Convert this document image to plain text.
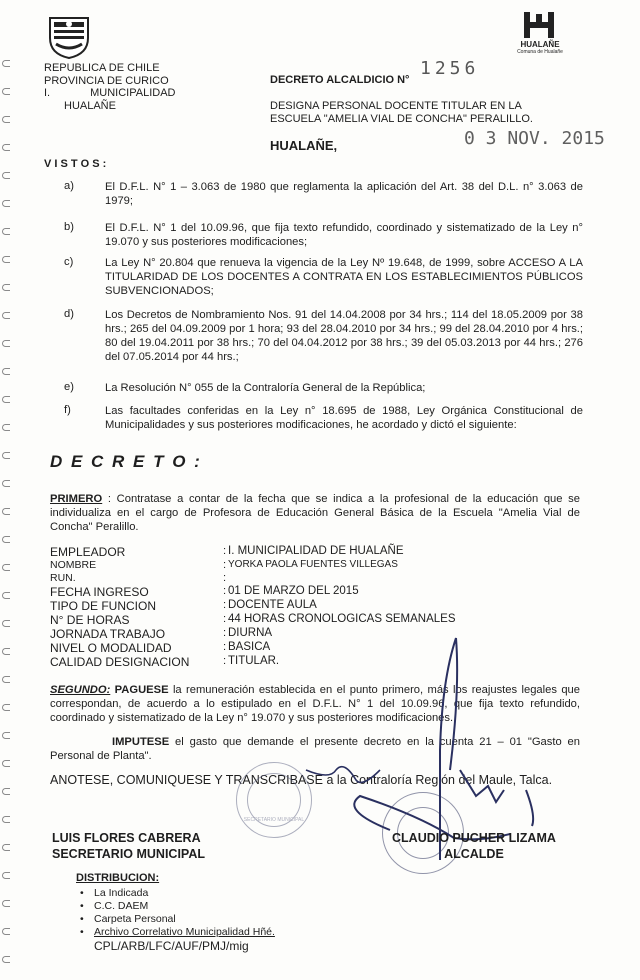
HUALAÑE
Comuna de Hualañe
REPUBLICA DE CHILE
PROVINCIA DE CURICO
I.	MUNICIPALIDAD
HUALAÑE
DECRETO ALCALDICIO N°
1256
DESIGNA PERSONAL DOCENTE TITULAR EN LA
ESCUELA "AMELIA VIAL DE CONCHA" PERALILLO.
HUALAÑE,	0 3 NOV. 2015
V I S T O S :
a)	El D.F.L. N° 1 – 3.063 de 1980 que reglamenta la aplicación del Art. 38 del D.L. n° 3.063 de 1979;
b)	El D.F.L. N° 1 del 10.09.96, que fija texto refundido, coordinado y sistematizado de la Ley n° 19.070 y sus posteriores modificaciones;
c)	La Ley N° 20.804 que renueva la vigencia de la Ley Nº 19.648, de 1999, sobre ACCESO A LA TITULARIDAD DE LOS DOCENTES A CONTRATA EN LOS ESTABLECIMIENTOS PÚBLICOS SUBVENCIONADOS;
d)	Los Decretos de Nombramiento Nos. 91 del 14.04.2008 por 34 hrs.; 114 del 18.05.2009 por 38 hrs.; 265 del 04.09.2009 por 1 hora; 93 del 28.04.2010 por 34 hrs.; 99 del 28.04.2010 por 4 hrs.; 80 del 19.04.2011 por 38 hrs.; 70 del 04.04.2012 por 38 hrs.; 39 del 05.03.2013 por 44 hrs.; 276 del 07.05.2014 por 44 hrs.;
e)	La Resolución N° 055 de la Contraloría General de la República;
f)	Las facultades conferidas en la Ley n° 18.695 de 1988, Ley Orgánica Constitucional de Municipalidades y sus posteriores modificaciones, he acordado y dictó el siguiente:
D E C R E T O :
PRIMERO : Contratase a contar de la fecha que se indica a la profesional de la educación que se individualiza en el cargo de Profesora de Educación General Básica de la Escuela "Amelia Vial de Concha" Peralillo.
EMPLEADOR	: I. MUNICIPALIDAD DE HUALAÑE
NOMBRE	: YORKA PAOLA FUENTES VILLEGAS
RUN.	:
FECHA INGRESO	: 01 DE MARZO DEL 2015
TIPO DE FUNCION	: DOCENTE AULA
N° DE HORAS	: 44 HORAS CRONOLOGICAS SEMANALES
JORNADA TRABAJO	: DIURNA
NIVEL O MODALIDAD	: BASICA
CALIDAD DESIGNACION	: TITULAR.
SEGUNDO: PAGUESE la remuneración establecida en el punto primero, más los reajustes legales que correspondan, de acuerdo a lo estipulado en el D.F.L. N° 1 del 10.09.96, que fija texto refundido, coordinado y sistematizado de la Ley n° 19.070 y sus posteriores modificaciones.
IMPUTESE el gasto que demande el presente decreto en la cuenta 21 – 01 "Gasto en Personal de Planta".
ANOTESE, COMUNIQUESE Y TRANSCRIBASE a la Contraloría Región del Maule, Talca.
SECRETARIO MUNICIPAL
LUIS FLORES CABRERA
SECRETARIO MUNICIPAL
CLAUDIO PUCHER LIZAMA
ALCALDE
DISTRIBUCION:
• La Indicada
• C.C. DAEM
• Carpeta Personal
• Archivo Correlativo Municipalidad Hñé.
CPL/ARB/LFC/AUF/PMJ/mig
